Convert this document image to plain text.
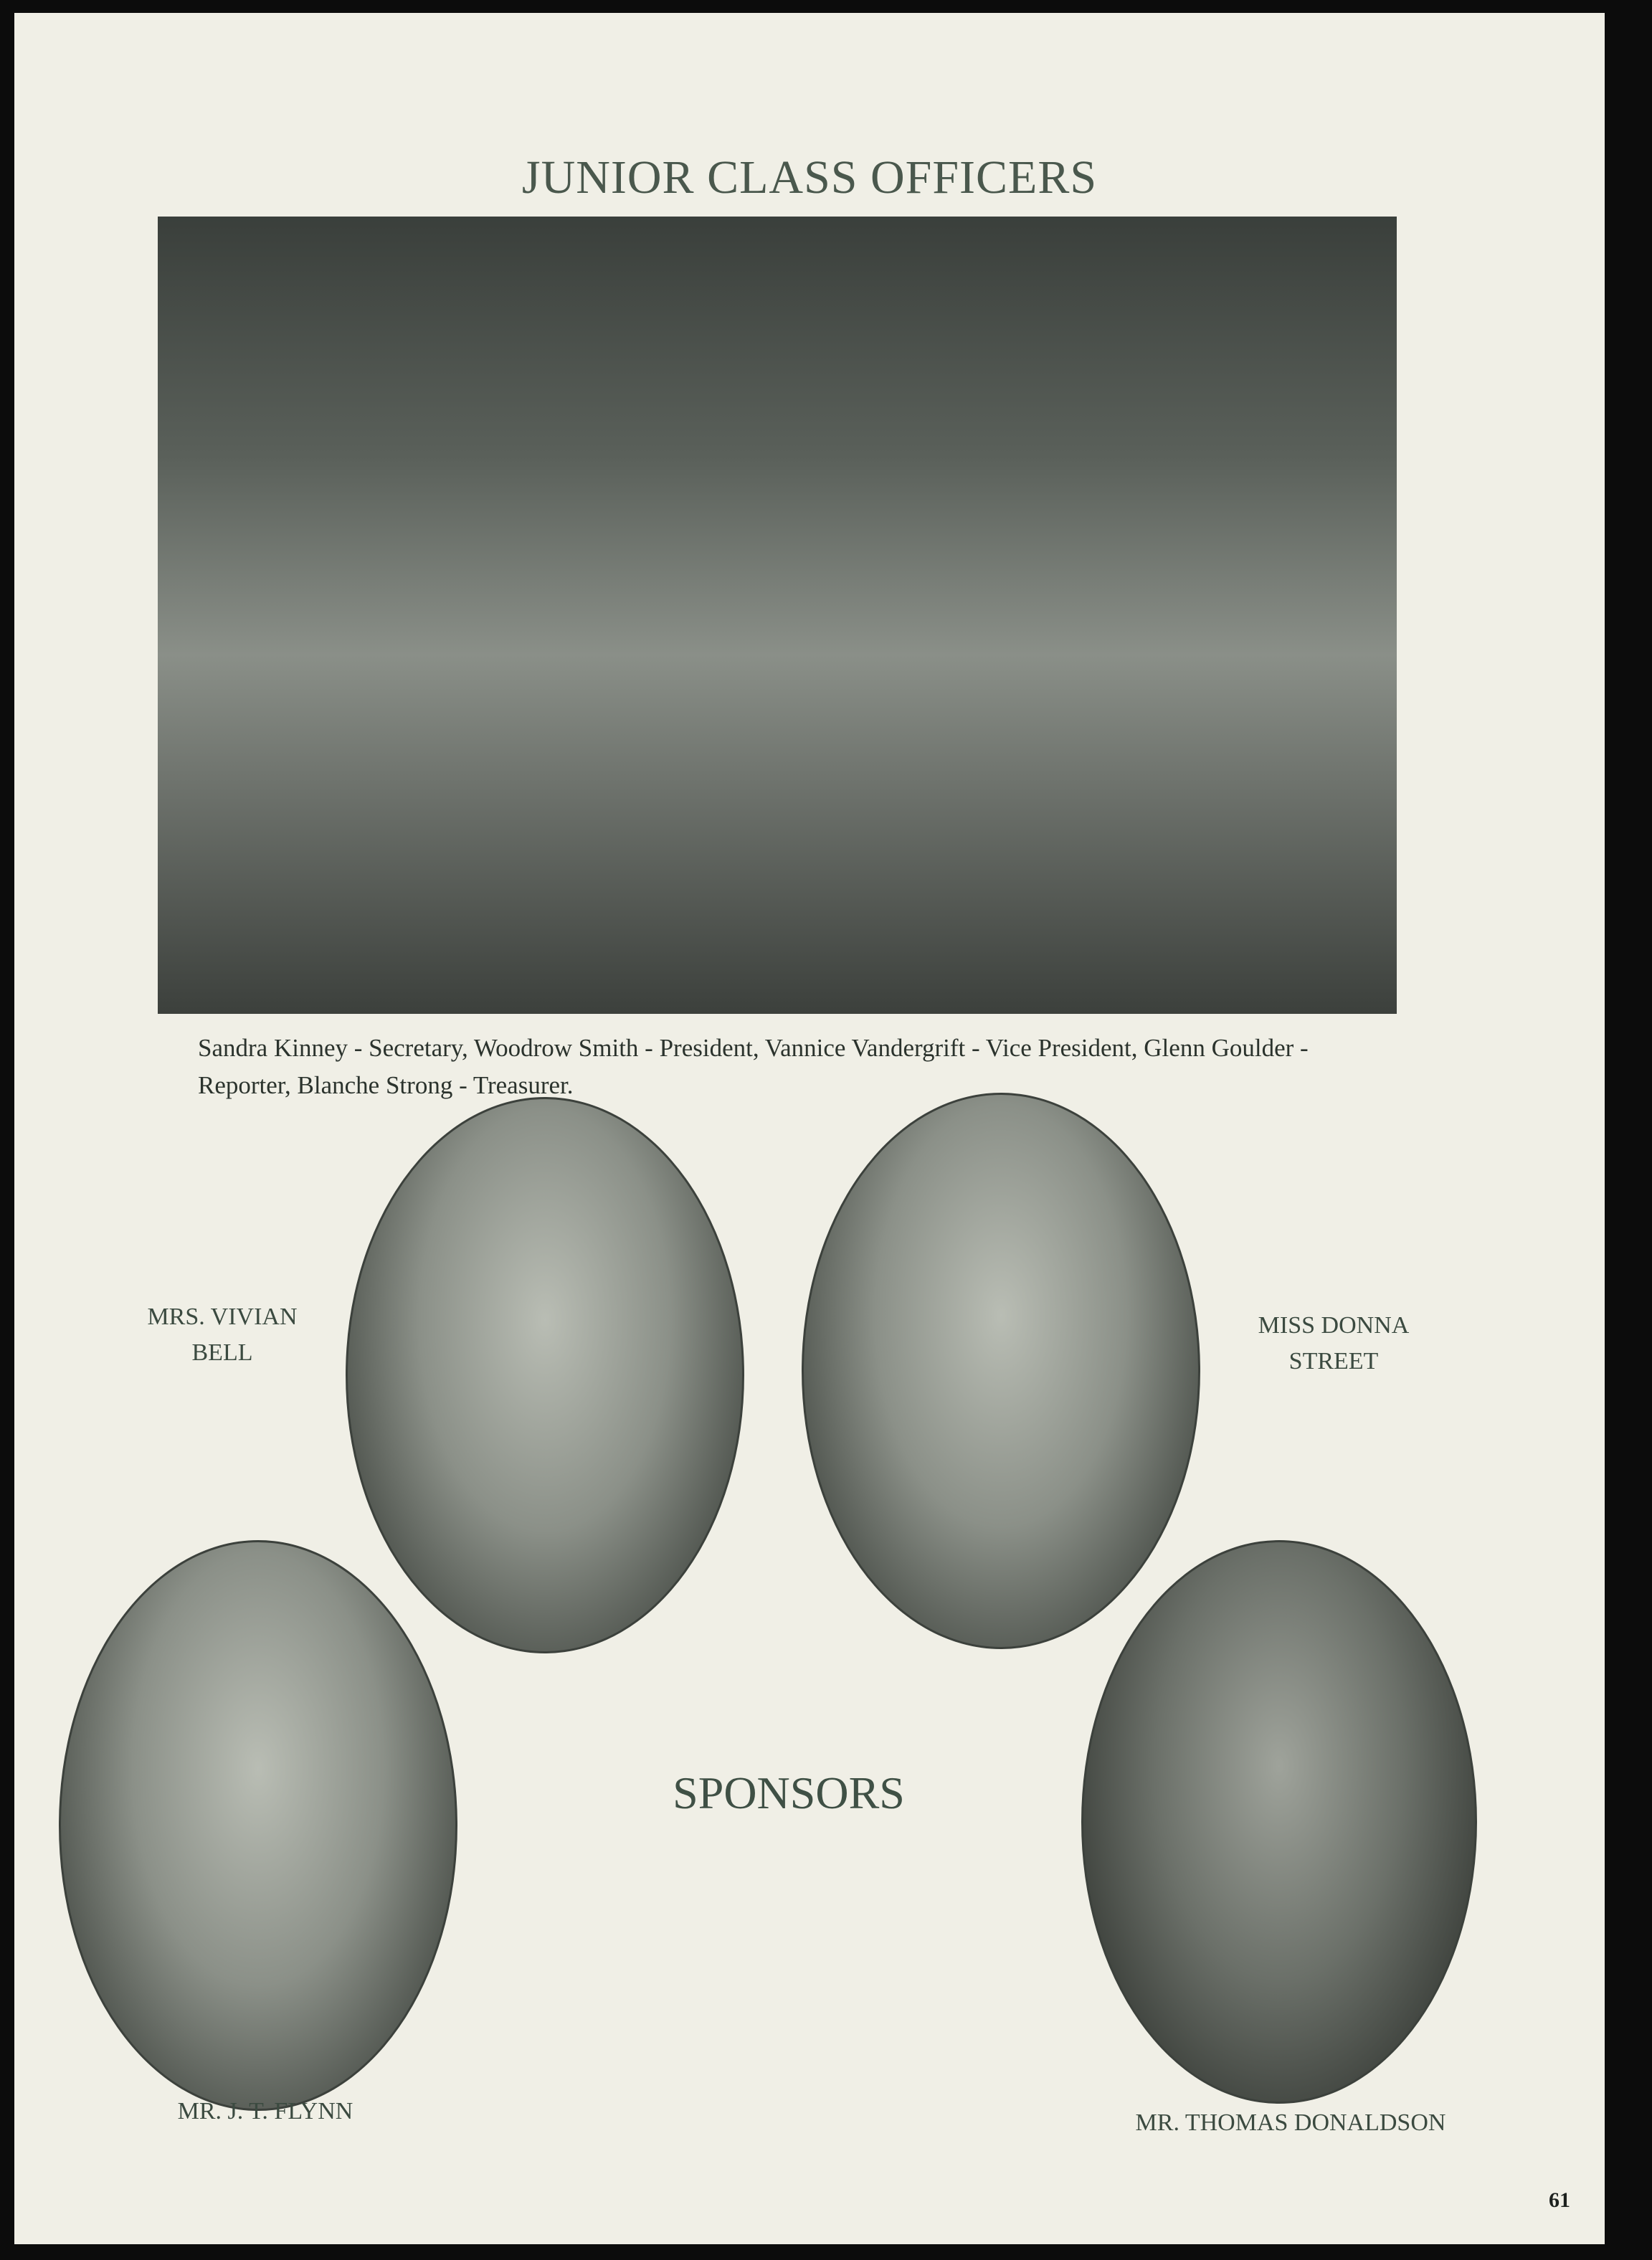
JUNIOR CLASS OFFICERS
Sandra Kinney - Secretary, Woodrow Smith - President, Vannice Vandergrift - Vice President, Glenn Goulder - Reporter, Blanche Strong - Treasurer.
MRS. VIVIAN
BELL
MISS DONNA
STREET
SPONSORS
MR. J. T. FLYNN	MR. THOMAS DONALDSON
61
